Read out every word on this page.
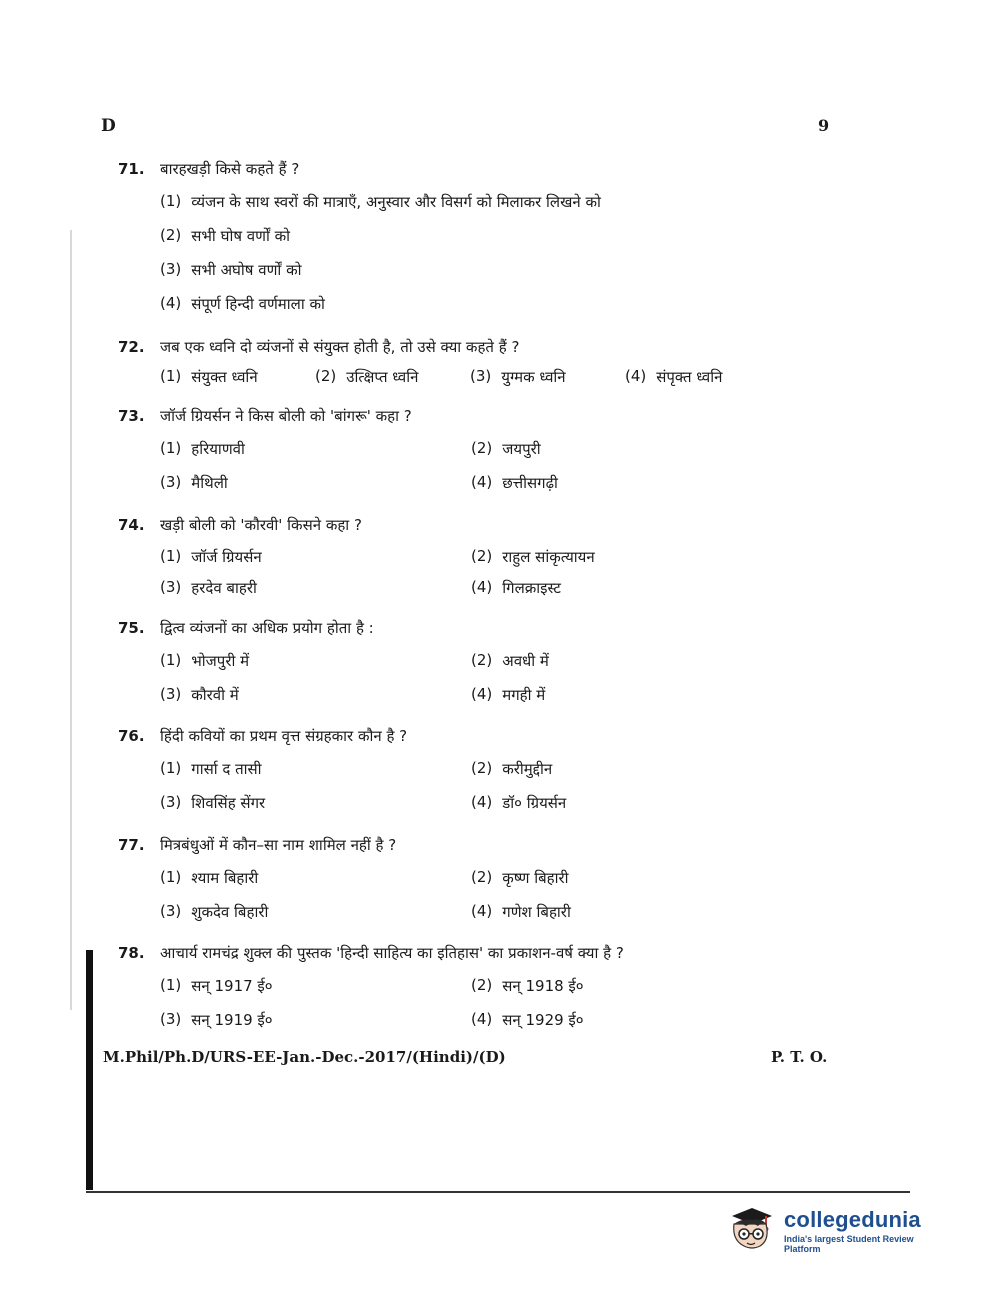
D	9
71.	बारहखड़ी किसे कहते हैं ?
(1) व्यंजन के साथ स्वरों की मात्राएँ, अनुस्वार और विसर्ग को मिलाकर लिखने को
(2) सभी घोष वर्णों को
(3) सभी अघोष वर्णों को
(4) संपूर्ण हिन्दी वर्णमाला को
72.	जब एक ध्वनि दो व्यंजनों से संयुक्त होती है, तो उसे क्या कहते हैं ?
(1) संयुक्त ध्वनि	(2) उत्क्षिप्त ध्वनि	(3) युग्मक ध्वनि	(4) संपृक्त ध्वनि
73.	जॉर्ज ग्रियर्सन ने किस बोली को 'बांगरू' कहा ?
(1) हरियाणवी	(2) जयपुरी
(3) मैथिली	(4) छत्तीसगढ़ी
74.	खड़ी बोली को 'कौरवी' किसने कहा ?
(1) जॉर्ज ग्रियर्सन	(2) राहुल सांकृत्यायन
(3) हरदेव बाहरी	(4) गिलक्राइस्ट
75.	द्वित्व व्यंजनों का अधिक प्रयोग होता है :
(1) भोजपुरी में	(2) अवधी में
(3) कौरवी में	(4) मगही में
76.	हिंदी कवियों का प्रथम वृत्त संग्रहकार कौन है ?
(1) गार्सा द तासी	(2) करीमुद्दीन
(3) शिवसिंह सेंगर	(4) डॉ० ग्रियर्सन
77.	मित्रबंधुओं में कौन–सा नाम शामिल नहीं है ?
(1) श्याम बिहारी	(2) कृष्ण बिहारी
(3) शुकदेव बिहारी	(4) गणेश बिहारी
78.	आचार्य रामचंद्र शुक्ल की पुस्तक 'हिन्दी साहित्य का इतिहास' का प्रकाशन-वर्ष क्या है ?
(1) सन् 1917 ई०	(2) सन् 1918 ई०
(3) सन् 1919 ई०	(4) सन् 1929 ई०
M.Phil/Ph.D/URS-EE-Jan.-Dec.-2017/(Hindi)/(D)	P. T. O.
collegedunia
India's largest Student Review Platform
